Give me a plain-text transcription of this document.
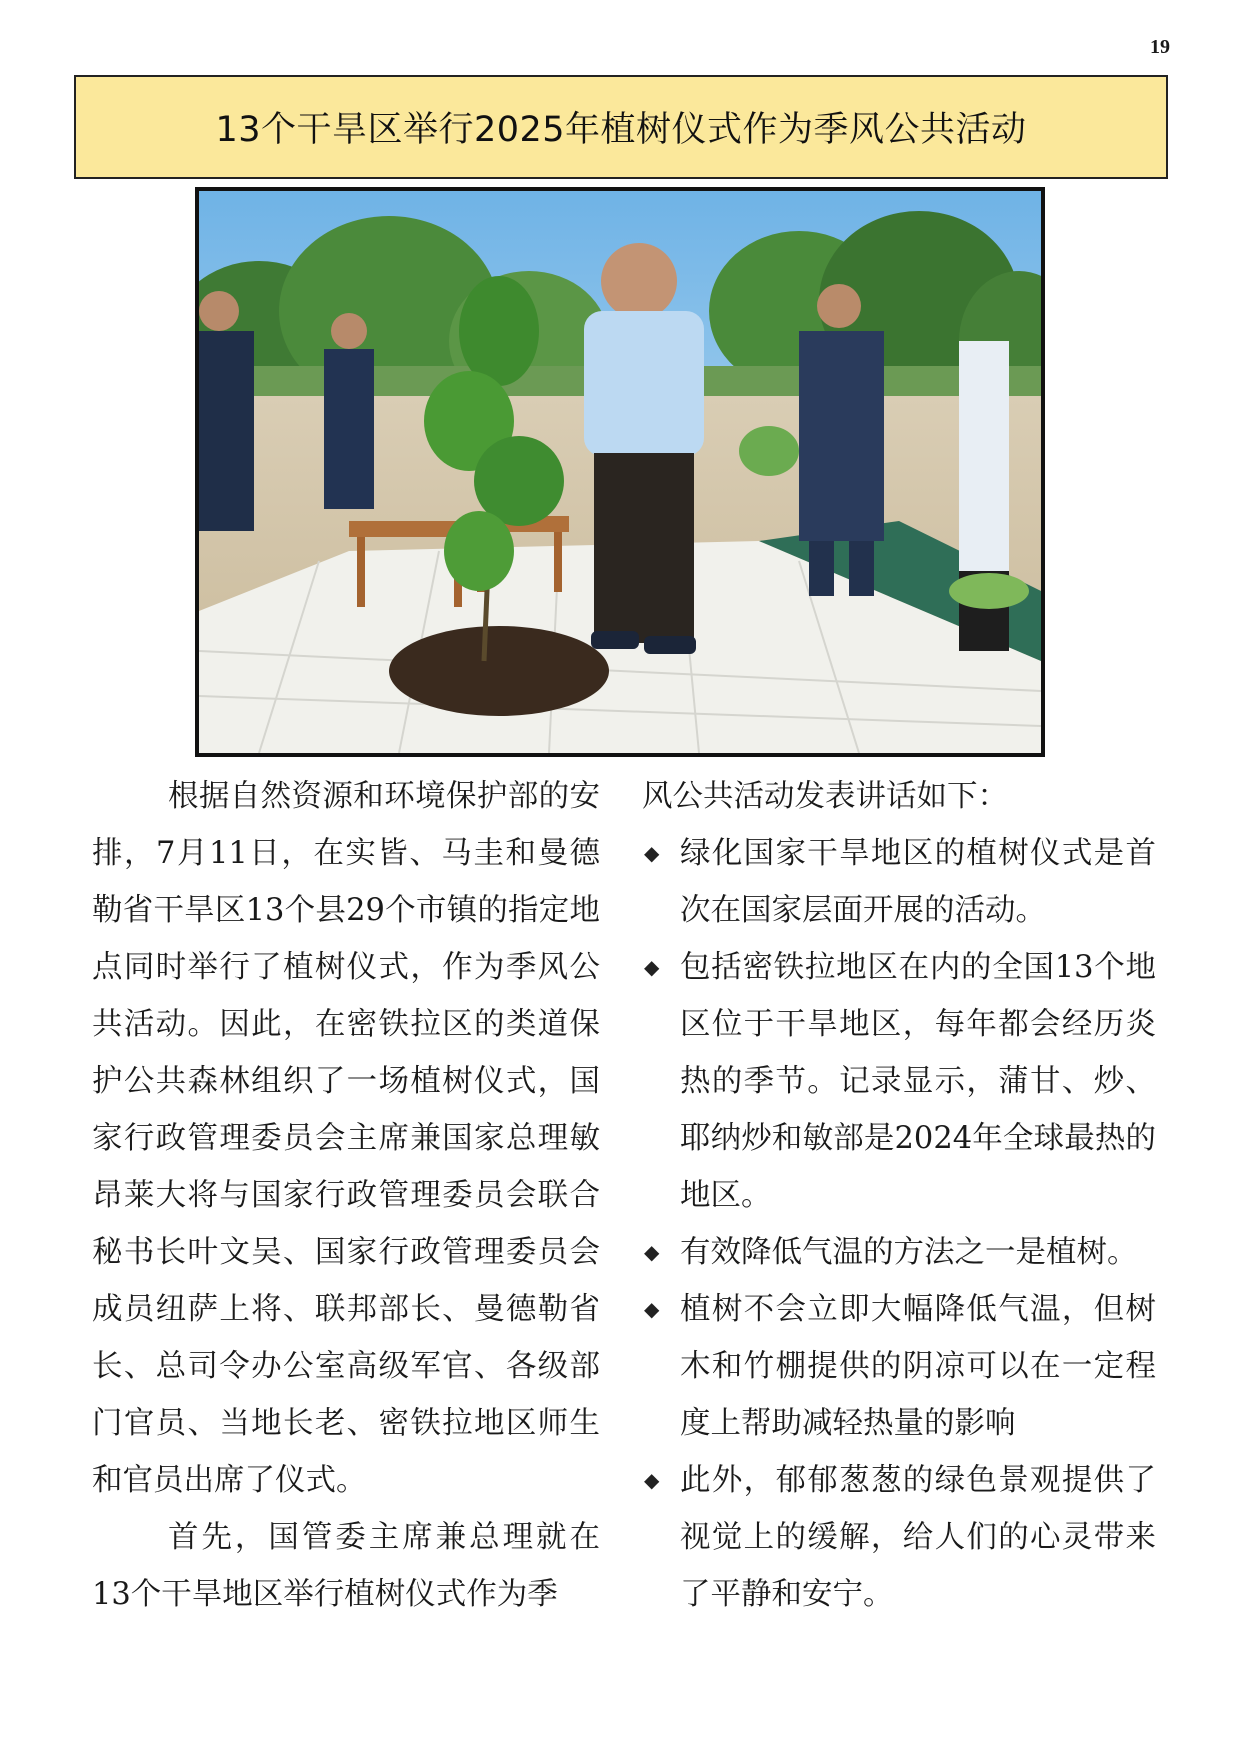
19
13个干旱区举行2025年植树仪式作为季风公共活动

根据自然资源和环境保护部的安排，7月11日，在实皆、马圭和曼德勒省干旱区13个县29个市镇的指定地点同时举行了植树仪式，作为季风公共活动。因此，在密铁拉区的类道保护公共森林组织了一场植树仪式，国家行政管理委员会主席兼国家总理敏昂莱大将与国家行政管理委员会联合秘书长叶文吴、国家行政管理委员会成员纽萨上将、联邦部长、曼德勒省长、总司令办公室高级军官、各级部门官员、当地长老、密铁拉地区师生和官员出席了仪式。

首先，国管委主席兼总理就在13个干旱地区举行植树仪式作为季

风公共活动发表讲话如下：

◆ 绿化国家干旱地区的植树仪式是首次在国家层面开展的活动。
◆ 包括密铁拉地区在内的全国13个地区位于干旱地区，每年都会经历炎热的季节。记录显示，蒲甘、炒、耶纳炒和敏部是2024年全球最热的地区。
◆ 有效降低气温的方法之一是植树。
◆ 植树不会立即大幅降低气温，但树木和竹棚提供的阴凉可以在一定程度上帮助减轻热量的影响
◆ 此外，郁郁葱葱的绿色景观提供了视觉上的缓解，给人们的心灵带来了平静和安宁。
